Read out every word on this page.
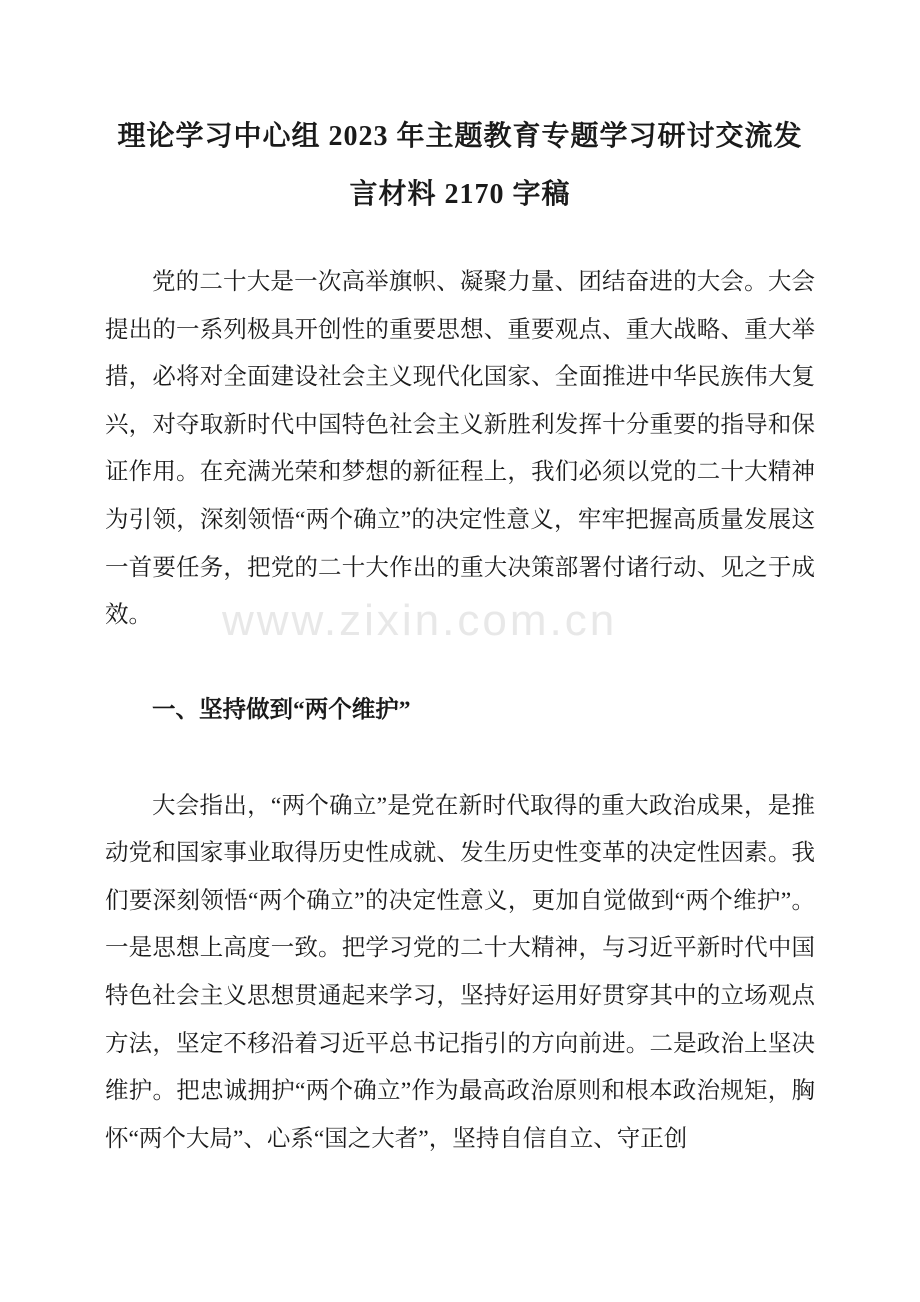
理论学习中心组 2023 年主题教育专题学习研讨交流发言材料 2170 字稿

党的二十大是一次高举旗帜、凝聚力量、团结奋进的大会。大会提出的一系列极具开创性的重要思想、重要观点、重大战略、重大举措，必将对全面建设社会主义现代化国家、全面推进中华民族伟大复兴，对夺取新时代中国特色社会主义新胜利发挥十分重要的指导和保证作用。在充满光荣和梦想的新征程上，我们必须以党的二十大精神为引领，深刻领悟“两个确立”的决定性意义，牢牢把握高质量发展这一首要任务，把党的二十大作出的重大决策部署付诸行动、见之于成效。

一、坚持做到“两个维护”

大会指出，“两个确立”是党在新时代取得的重大政治成果，是推动党和国家事业取得历史性成就、发生历史性变革的决定性因素。我们要深刻领悟“两个确立”的决定性意义，更加自觉做到“两个维护”。一是思想上高度一致。把学习党的二十大精神，与习近平新时代中国特色社会主义思想贯通起来学习，坚持好运用好贯穿其中的立场观点方法，坚定不移沿着习近平总书记指引的方向前进。二是政治上坚决维护。把忠诚拥护“两个确立”作为最高政治原则和根本政治规矩，胸怀“两个大局”、心系“国之大者”，坚持自信自立、守正创

www.zixin.com.cn
